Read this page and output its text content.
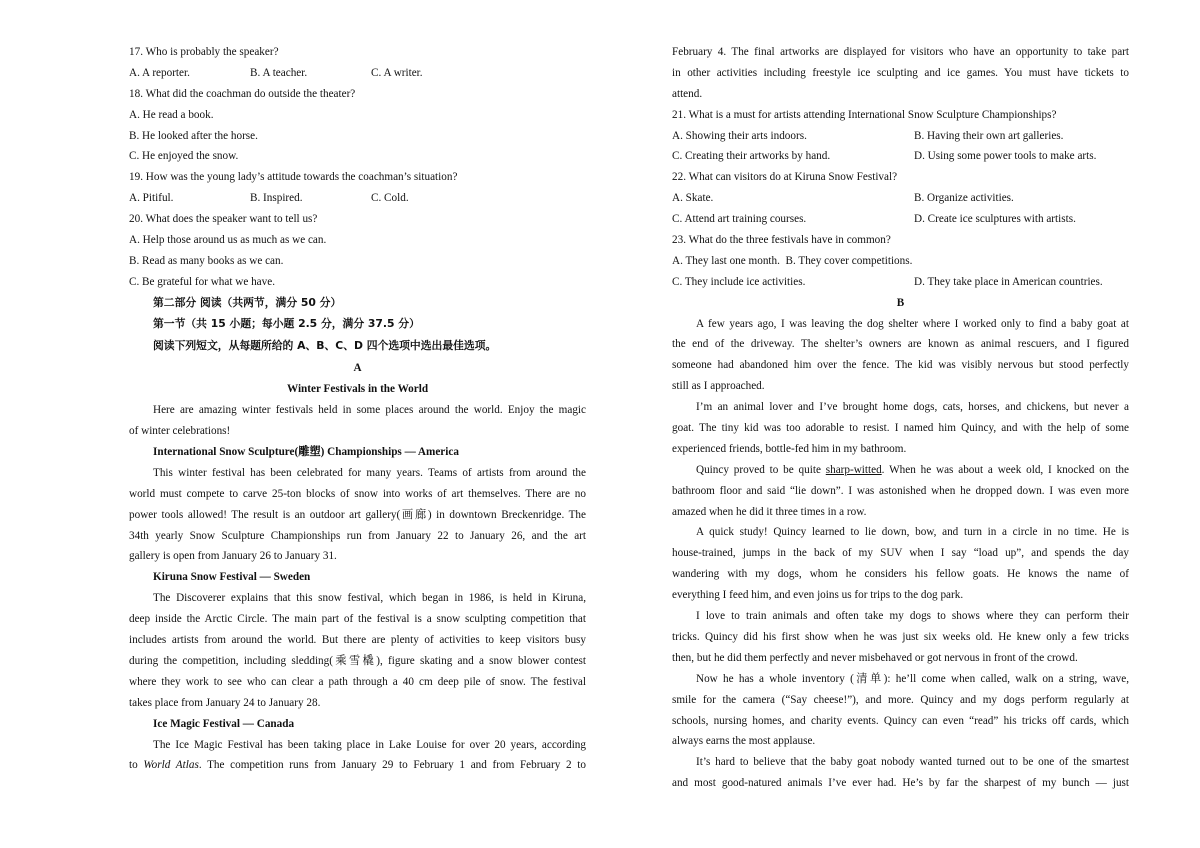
17. Who is probably the speaker?
A. A reporter.	B. A teacher.	C. A writer.
18. What did the coachman do outside the theater?
A. He read a book.
B. He looked after the horse.
C. He enjoyed the snow.
19. How was the young lady’s attitude towards the coachman’s situation?
A. Pitiful.	B. Inspired.	C. Cold.
20. What does the speaker want to tell us?
A. Help those around us as much as we can.
B. Read as many books as we can.
C. Be grateful for what we have.
第二部分 阅读（共两节，满分 50 分）
第一节（共 15 小题；每小题 2.5 分，满分 37.5 分）
阅读下列短文，从每题所给的 A、B、C、D 四个选项中选出最佳选项。
A
Winter Festivals in the World
Here are amazing winter festivals held in some places around the world. Enjoy the magic
of winter celebrations!
International Snow Sculpture(雕塑) Championships — America
This winter festival has been celebrated for many years. Teams of artists from around the
world must compete to carve 25-ton blocks of snow into works of art themselves. There are no
power tools allowed! The result is an outdoor art gallery(画廊) in downtown Breckenridge. The
34th yearly Snow Sculpture Championships run from January 22 to January 26, and the art
gallery is open from January 26 to January 31.
Kiruna Snow Festival — Sweden
The Discoverer explains that this snow festival, which began in 1986, is held in Kiruna,
deep inside the Arctic Circle. The main part of the festival is a snow sculpting competition that
includes artists from around the world. But there are plenty of activities to keep visitors busy
during the competition, including sledding(乘雪橇), figure skating and a snow blower contest
where they work to see who can clear a path through a 40 cm deep pile of snow. The festival
takes place from January 24 to January 28.
Ice Magic Festival — Canada
The Ice Magic Festival has been taking place in Lake Louise for over 20 years, according
to World Atlas. The competition runs from January 29 to February 1 and from February 2 to
February 4. The final artworks are displayed for visitors who have an opportunity to take part
in other activities including freestyle ice sculpting and ice games. You must have tickets to
attend.
21. What is a must for artists attending International Snow Sculpture Championships?
A. Showing their arts indoors.	B. Having their own art galleries.
C. Creating their artworks by hand.	D. Using some power tools to make arts.
22. What can visitors do at Kiruna Snow Festival?
A. Skate.	B. Organize activities.
C. Attend art training courses.	D. Create ice sculptures with artists.
23. What do the three festivals have in common?
A. They last one month.  B. They cover competitions.
C. They include ice activities.	D. They take place in American countries.
B
A few years ago, I was leaving the dog shelter where I worked only to find a baby goat at
the end of the driveway. The shelter’s owners are known as animal rescuers, and I figured
someone had abandoned him over the fence. The kid was visibly nervous but stood perfectly
still as I approached.
I’m an animal lover and I’ve brought home dogs, cats, horses, and chickens, but never a
goat. The tiny kid was too adorable to resist. I named him Quincy, and with the help of some
experienced friends, bottle-fed him in my bathroom.
Quincy proved to be quite sharp-witted. When he was about a week old, I knocked on the
bathroom floor and said “lie down”. I was astonished when he dropped down. I was even more
amazed when he did it three times in a row.
A quick study! Quincy learned to lie down, bow, and turn in a circle in no time. He is
house-trained, jumps in the back of my SUV when I say “load up”, and spends the day
wandering with my dogs, whom he considers his fellow goats. He knows the name of
everything I feed him, and even joins us for trips to the dog park.
I love to train animals and often take my dogs to shows where they can perform their
tricks. Quincy did his first show when he was just six weeks old. He knew only a few tricks
then, but he did them perfectly and never misbehaved or got nervous in front of the crowd.
Now he has a whole inventory (清单): he’ll come when called, walk on a string, wave,
smile for the camera (“Say cheese!”), and more. Quincy and my dogs perform regularly at
schools, nursing homes, and charity events. Quincy can even “read” his tricks off cards, which
always earns the most applause.
It’s hard to believe that the baby goat nobody wanted turned out to be one of the smartest
and most good-natured animals I’ve ever had. He’s by far the sharpest of my bunch — just
